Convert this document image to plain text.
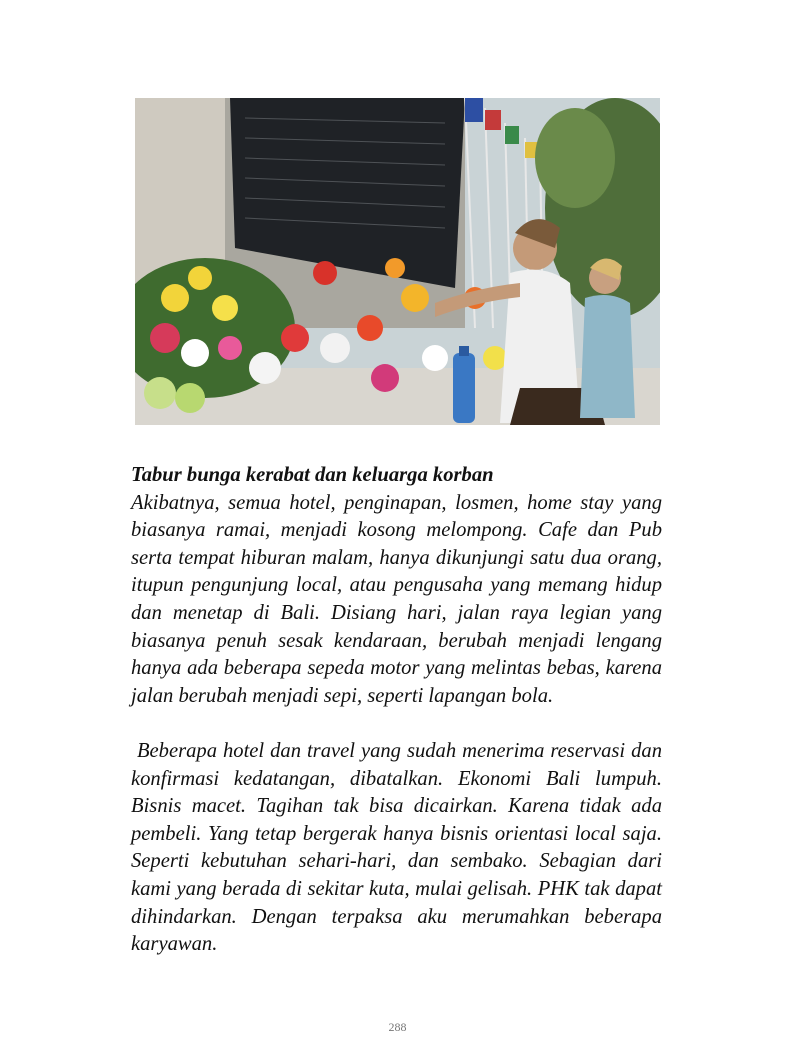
Tabur bunga kerabat dan keluarga korban

Akibatnya, semua hotel, penginapan, losmen, home stay yang biasanya ramai, menjadi kosong melompong. Cafe dan Pub serta tempat hiburan malam, hanya dikunjungi satu dua orang, itupun pengunjung local, atau pengusaha yang memang hidup dan menetap di Bali. Disiang hari, jalan raya legian yang biasanya penuh sesak kendaraan, berubah menjadi lengang hanya ada beberapa sepeda motor yang melintas bebas, karena jalan berubah menjadi sepi, seperti lapangan bola.

Beberapa hotel dan travel yang sudah menerima reservasi dan konfirmasi kedatangan, dibatalkan. Ekonomi Bali lumpuh. Bisnis macet. Tagihan tak bisa dicairkan. Karena tidak ada pembeli. Yang tetap bergerak hanya bisnis orientasi local saja. Seperti kebutuhan sehari-hari, dan sembako. Sebagian dari kami yang berada di sekitar kuta, mulai gelisah. PHK tak dapat dihindarkan. Dengan terpaksa aku merumahkan beberapa karyawan.

288
